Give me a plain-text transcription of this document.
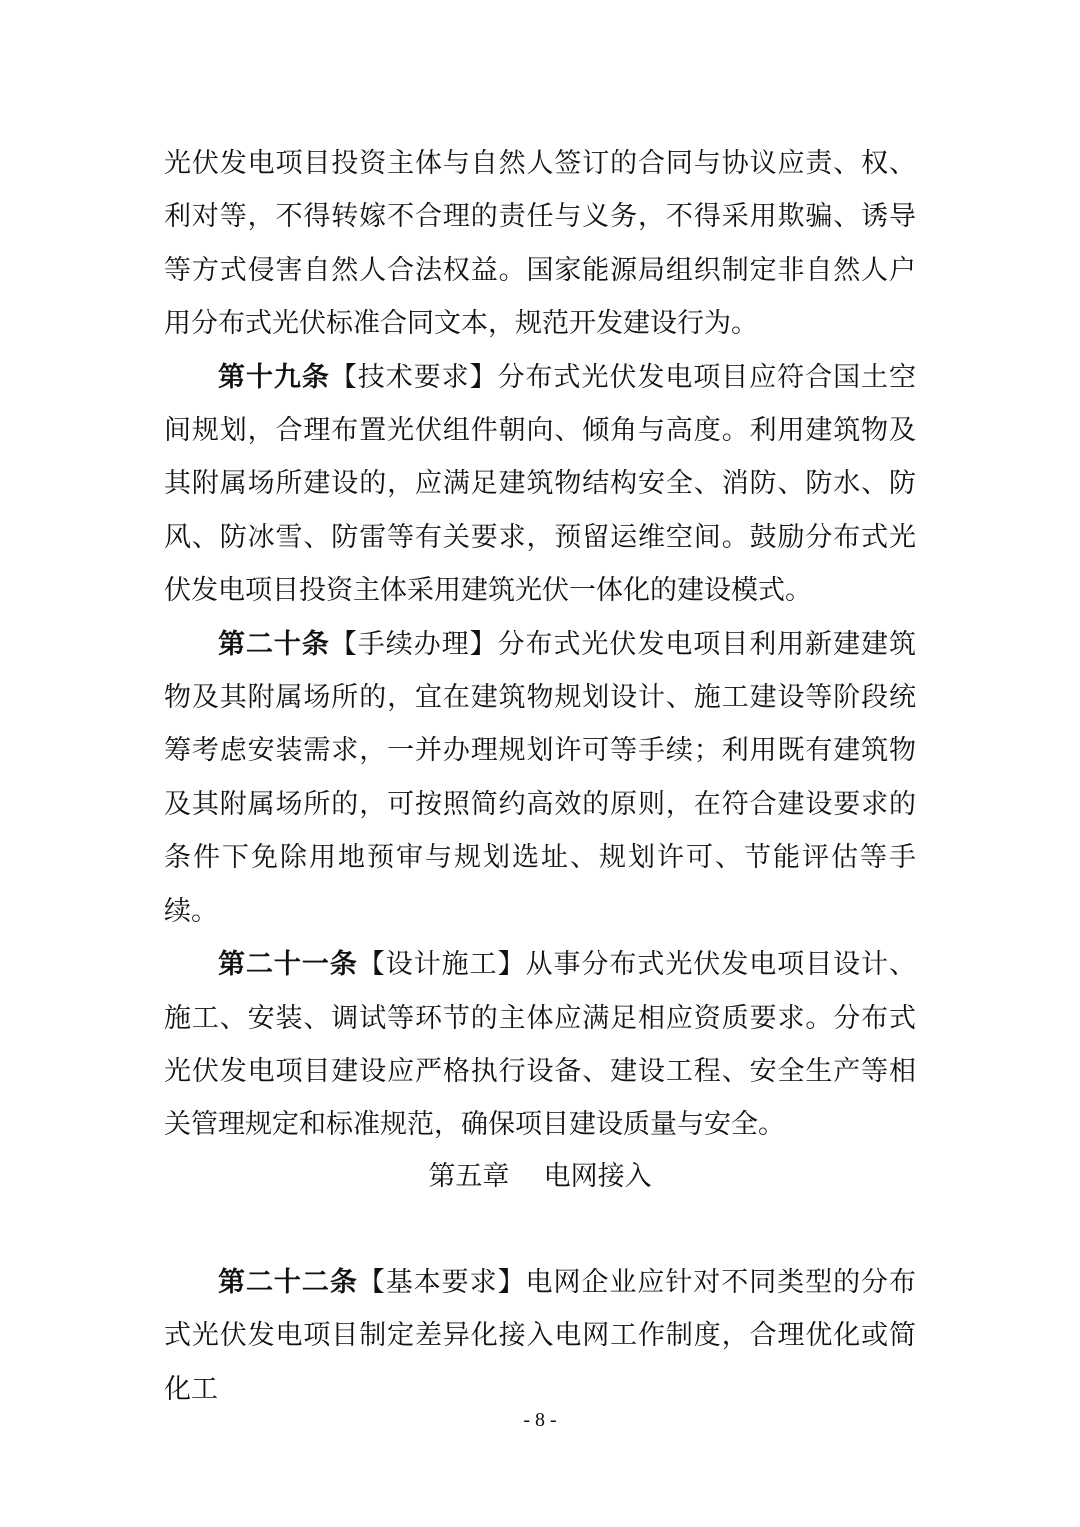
光伏发电项目投资主体与自然人签订的合同与协议应责、权、利对等，不得转嫁不合理的责任与义务，不得采用欺骗、诱导等方式侵害自然人合法权益。国家能源局组织制定非自然人户用分布式光伏标准合同文本，规范开发建设行为。

第十九条【技术要求】分布式光伏发电项目应符合国土空间规划，合理布置光伏组件朝向、倾角与高度。利用建筑物及其附属场所建设的，应满足建筑物结构安全、消防、防水、防风、防冰雪、防雷等有关要求，预留运维空间。鼓励分布式光伏发电项目投资主体采用建筑光伏一体化的建设模式。

第二十条【手续办理】分布式光伏发电项目利用新建建筑物及其附属场所的，宜在建筑物规划设计、施工建设等阶段统筹考虑安装需求，一并办理规划许可等手续；利用既有建筑物及其附属场所的，可按照简约高效的原则，在符合建设要求的条件下免除用地预审与规划选址、规划许可、节能评估等手续。

第二十一条【设计施工】从事分布式光伏发电项目设计、施工、安装、调试等环节的主体应满足相应资质要求。分布式光伏发电项目建设应严格执行设备、建设工程、安全生产等相关管理规定和标准规范，确保项目建设质量与安全。

第五章    电网接入

第二十二条【基本要求】电网企业应针对不同类型的分布式光伏发电项目制定差异化接入电网工作制度，合理优化或简化工

- 8 -
